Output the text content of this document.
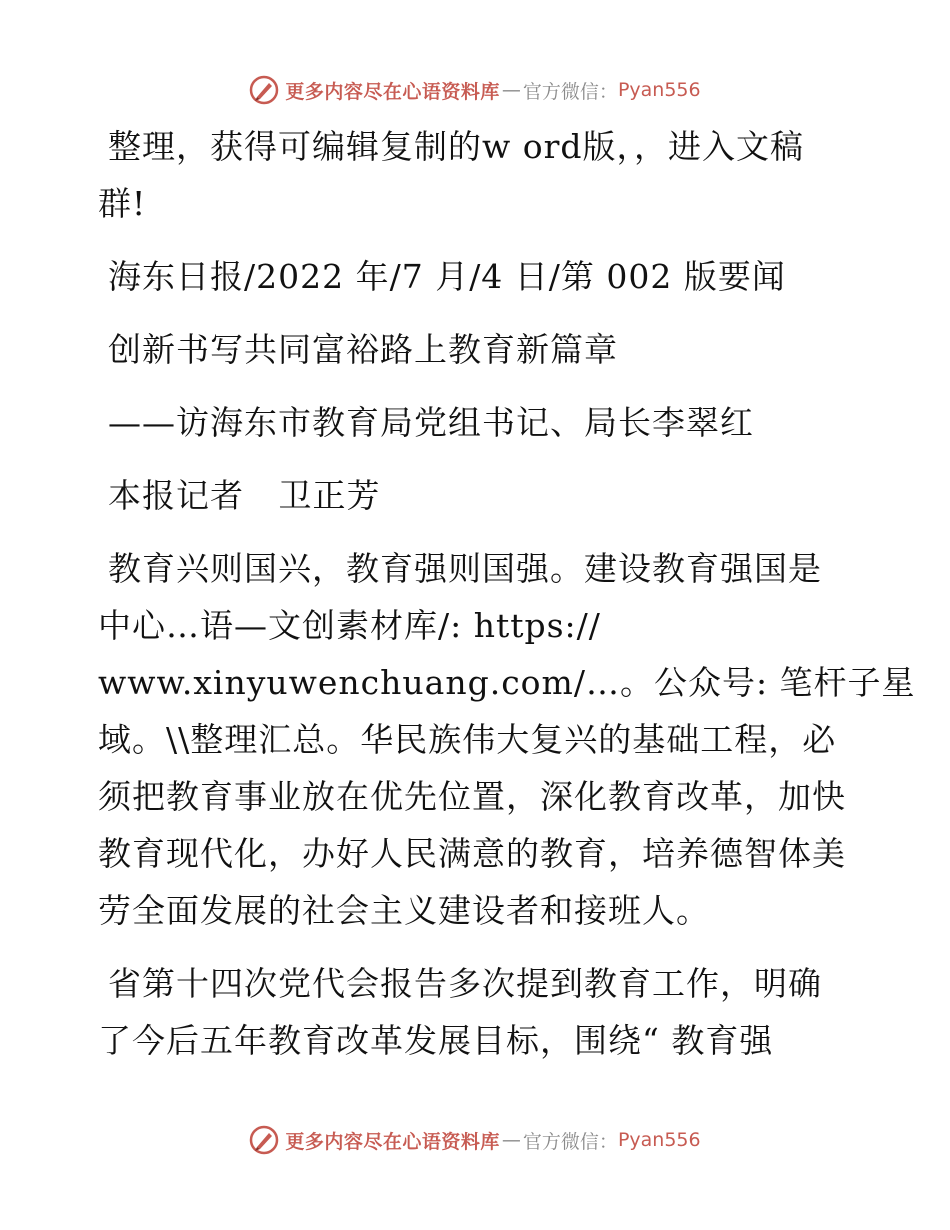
更多内容尽在心语资料库 — 官方微信： Pyan556

整理，获得可编辑复制的w ord版，，进入文稿
群!

海东日报/2022 年/7 月/4 日/第 002 版要闻

创新书写共同富裕路上教育新篇章

——访海东市教育局党组书记、局长李翠红

本报记者   卫正芳

教育兴则国兴，教育强则国强。建设教育强国是
中心…语—文创素材库/: https://
www.xinyuwenchuang.com/…。公众号: 笔杆子星
域。\\整理汇总。华民族伟大复兴的基础工程，必
须把教育事业放在优先位置，深化教育改革，加快
教育现代化，办好人民满意的教育，培养德智体美
劳全面发展的社会主义建设者和接班人。

省第十四次党代会报告多次提到教育工作，明确
了今后五年教育改革发展目标，围绕“ 教育强

更多内容尽在心语资料库 — 官方微信： Pyan556
